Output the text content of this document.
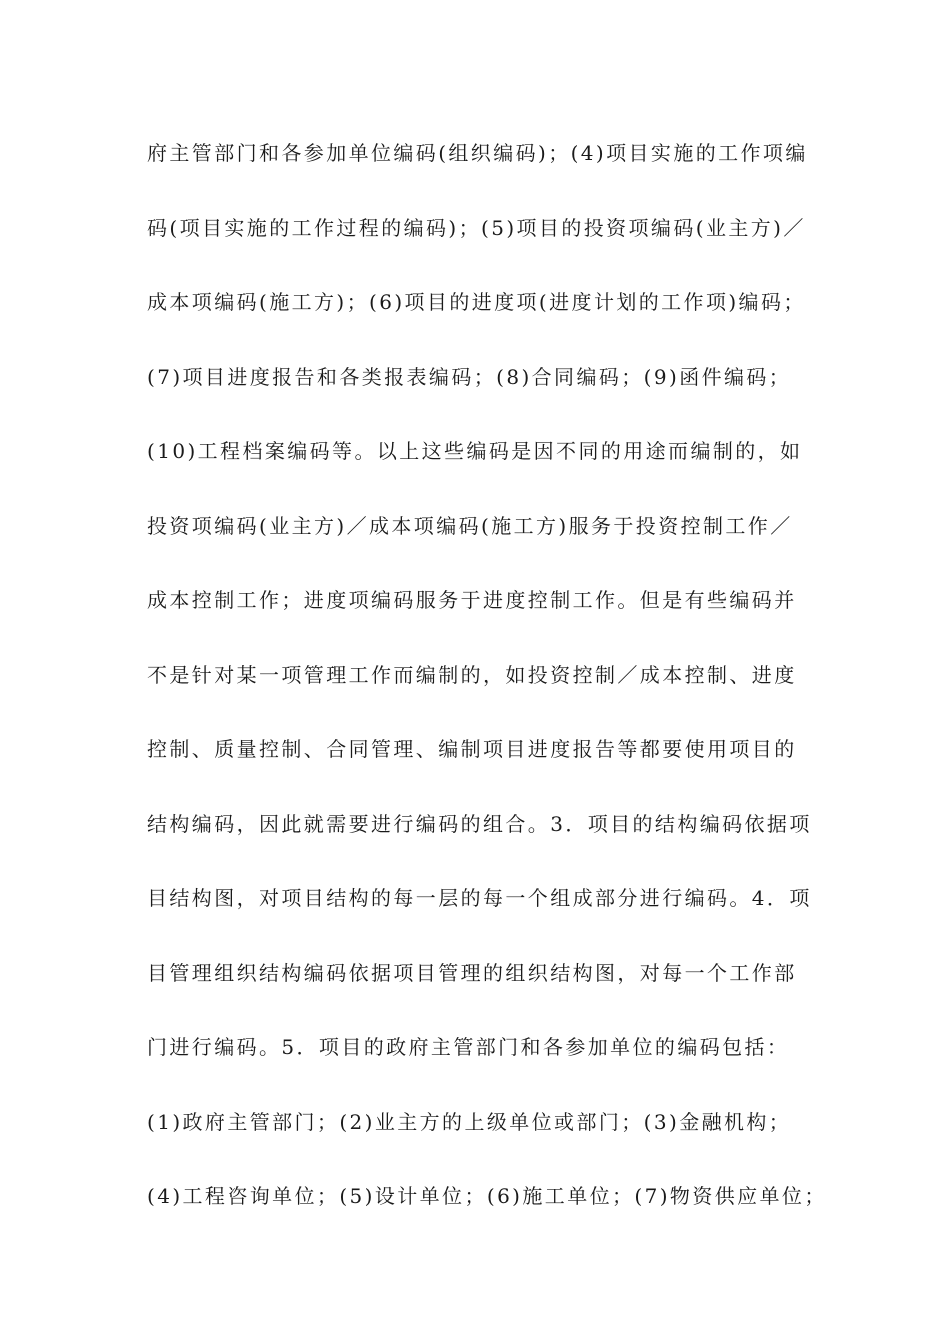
府主管部门和各参加单位编码(组织编码)；(4)项目实施的工作项编
码(项目实施的工作过程的编码)；(5)项目的投资项编码(业主方)／
成本项编码(施工方)；(6)项目的进度项(进度计划的工作项)编码；
(7)项目进度报告和各类报表编码；(8)合同编码；(9)函件编码；
(10)工程档案编码等。以上这些编码是因不同的用途而编制的，如
投资项编码(业主方)／成本项编码(施工方)服务于投资控制工作／
成本控制工作；进度项编码服务于进度控制工作。但是有些编码并
不是针对某一项管理工作而编制的，如投资控制／成本控制、进度
控制、质量控制、合同管理、编制项目进度报告等都要使用项目的
结构编码，因此就需要进行编码的组合。3．项目的结构编码依据项
目结构图，对项目结构的每一层的每一个组成部分进行编码。4．项
目管理组织结构编码依据项目管理的组织结构图，对每一个工作部
门进行编码。5．项目的政府主管部门和各参加单位的编码包括：
(1)政府主管部门；(2)业主方的上级单位或部门；(3)金融机构；
(4)工程咨询单位；(5)设计单位；(6)施工单位；(7)物资供应单位；
